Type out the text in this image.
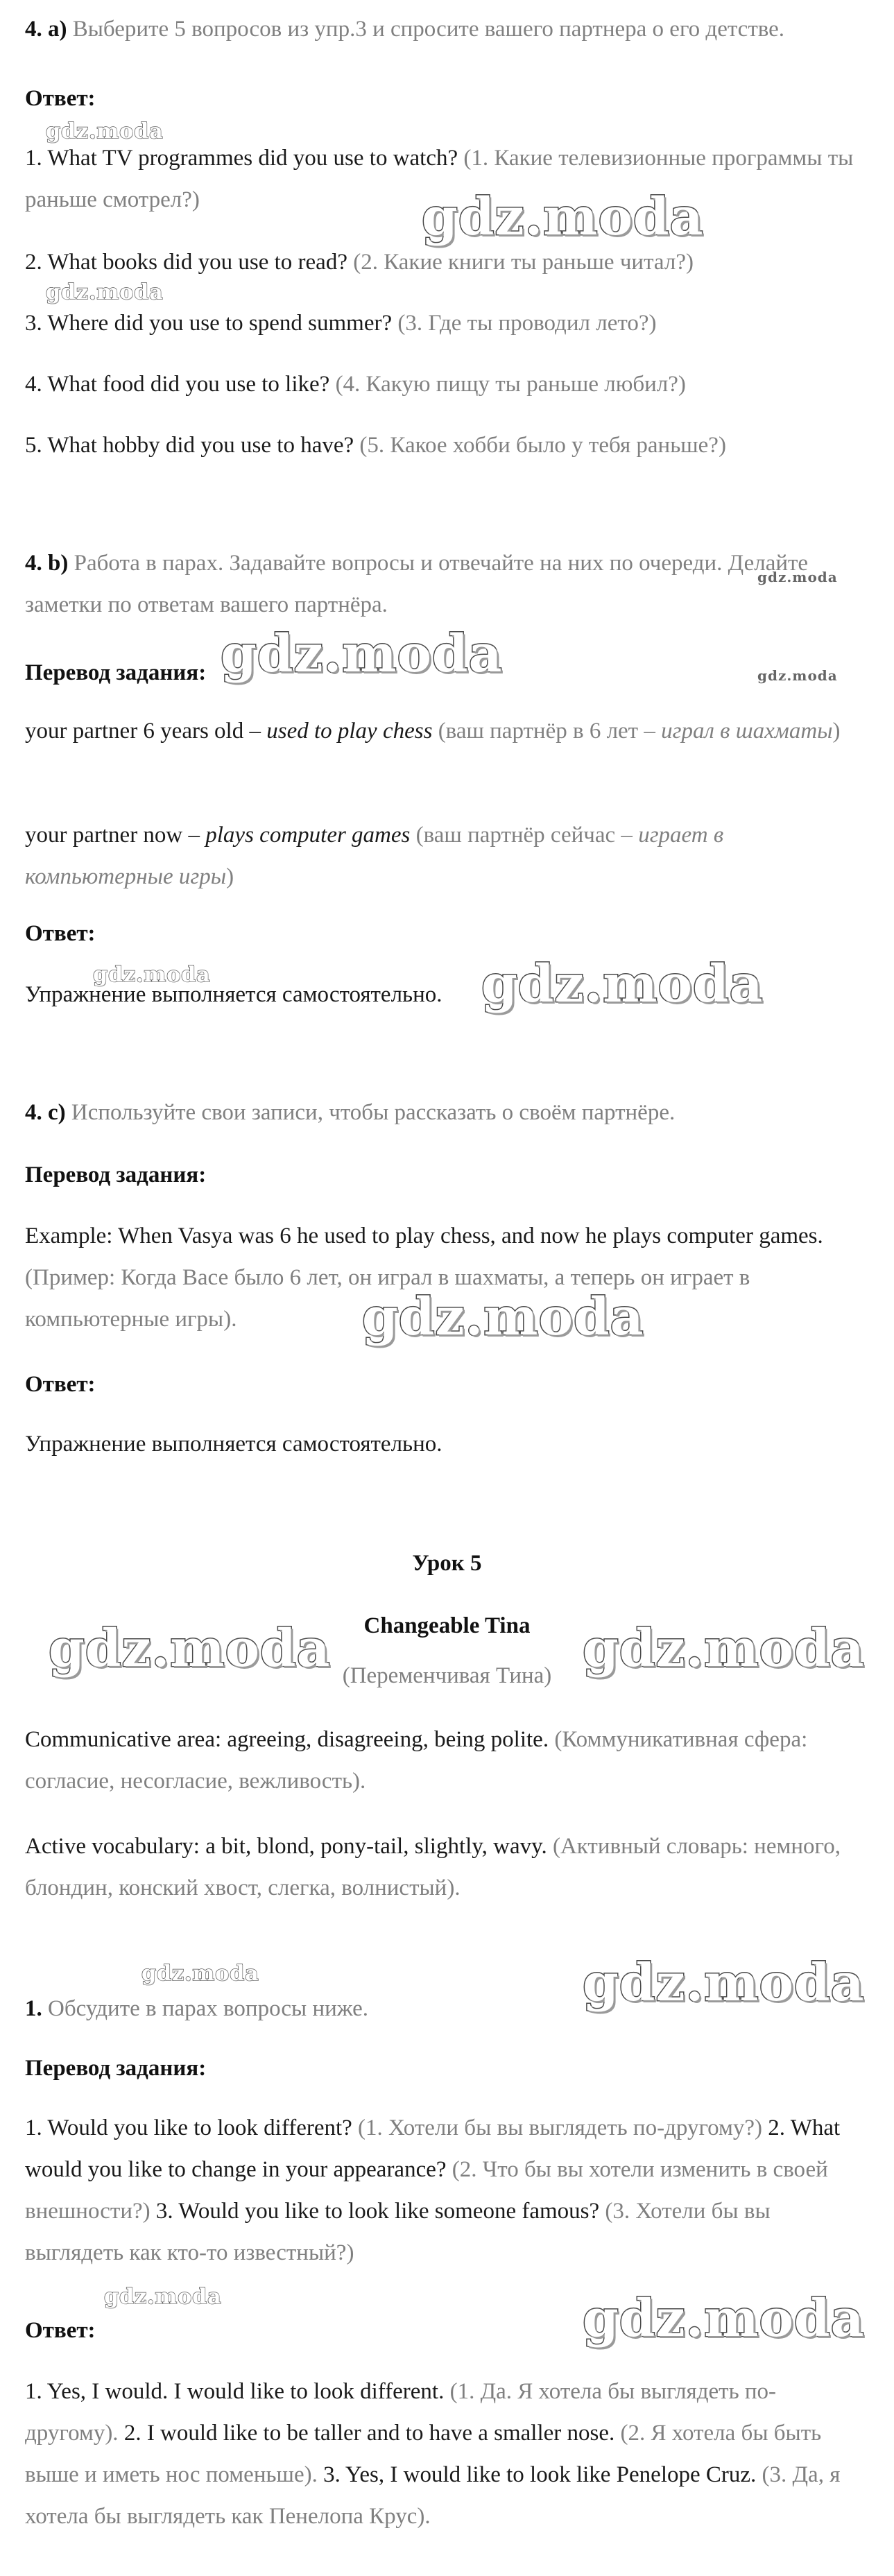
4. a) Выберите 5 вопросов из упр.3 и спросите вашего партнера о его детстве.

Ответ:

1. What TV programmes did you use to watch? (1. Какие телевизионные программы ты раньше смотрел?)

2. What books did you use to read? (2. Какие книги ты раньше читал?)

3. Where did you use to spend summer? (3. Где ты проводил лето?)

4. What food did you use to like? (4. Какую пищу ты раньше любил?)

5. What hobby did you use to have? (5. Какое хобби было у тебя раньше?)

4. b) Работа в парах. Задавайте вопросы и отвечайте на них по очереди. Делайте заметки по ответам вашего партнёра.

Перевод задания:

your partner 6 years old – used to play chess (ваш партнёр в 6 лет – играл в шахматы)

your partner now – plays computer games (ваш партнёр сейчас – играет в компьютерные игры)

Ответ:

Упражнение выполняется самостоятельно.

4. c) Используйте свои записи, чтобы рассказать о своём партнёре.

Перевод задания:

Example: When Vasya was 6 he used to play chess, and now he plays computer games. (Пример: Когда Васе было 6 лет, он играл в шахматы, а теперь он играет в компьютерные игры).

Ответ:

Упражнение выполняется самостоятельно.

Урок 5

Changeable Tina

(Переменчивая Тина)

Communicative area: agreeing, disagreeing, being polite. (Коммуникативная сфера: согласие, несогласие, вежливость).

Active vocabulary: a bit, blond, pony-tail, slightly, wavy. (Активный словарь: немного, блондин, конский хвост, слегка, волнистый).

1. Обсудите в парах вопросы ниже.

Перевод задания:

1. Would you like to look different? (1. Хотели бы вы выглядеть по-другому?) 2. What would you like to change in your appearance? (2. Что бы вы хотели изменить в своей внешности?) 3. Would you like to look like someone famous? (3. Хотели бы вы выглядеть как кто-то известный?)

Ответ:

1. Yes, I would. I would like to look different. (1. Да. Я хотела бы выглядеть по-другому). 2. I would like to be taller and to have a smaller nose. (2. Я хотела бы быть выше и иметь нос поменьше). 3. Yes, I would like to look like Penelope Cruz. (3. Да, я хотела бы выглядеть как Пенелопа Крус).

gdz.moda
gdz.moda
gdz.moda
gdz.moda
gdz.moda	gdz.moda
gdz.moda	gdz.moda
gdz.moda
gdz.moda	gdz.moda
gdz.moda	gdz.moda
gdz.moda	gdz.moda
